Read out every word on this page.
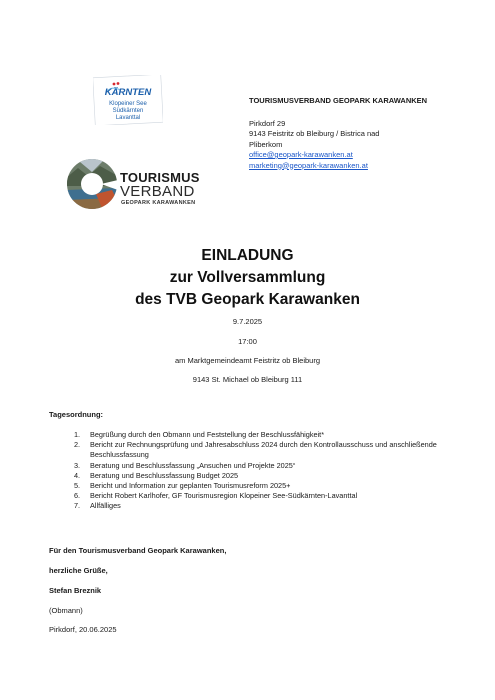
KÄRNTEN
Klopeiner See
Südkärnten
Lavanttal
TOURISMUS
VERBAND
GEOPARK KARAWANKEN
TOURISMUSVERBAND GEOPARK KARAWANKEN
Pirkdorf 29
9143 Feistritz ob Bleiburg / Bistrica nad
Pliberkom
office@geopark-karawanken.at
marketing@geopark-karawanken.at
EINLADUNG
zur Vollversammlung
des TVB Geopark Karawanken
9.7.2025
17:00
am Marktgemeindeamt Feistritz ob Bleiburg
9143 St. Michael ob Bleiburg 111
Tagesordnung:
1. Begrüßung durch den Obmann und Feststellung der Beschlussfähigkeit*
2. Bericht zur Rechnungsprüfung und Jahresabschluss 2024 durch den Kontrollausschuss und anschließende Beschlussfassung
3. Beratung und Beschlussfassung „Ansuchen und Projekte 2025“
4. Beratung und Beschlussfassung Budget 2025
5. Bericht und Information zur geplanten Tourismusreform 2025+
6. Bericht Robert Karlhofer, GF Tourismusregion Klopeiner See-Südkärnten-Lavanttal
7. Allfälliges
Für den Tourismusverband Geopark Karawanken,
herzliche Grüße,
Stefan Breznik
(Obmann)
Pirkdorf, 20.06.2025
